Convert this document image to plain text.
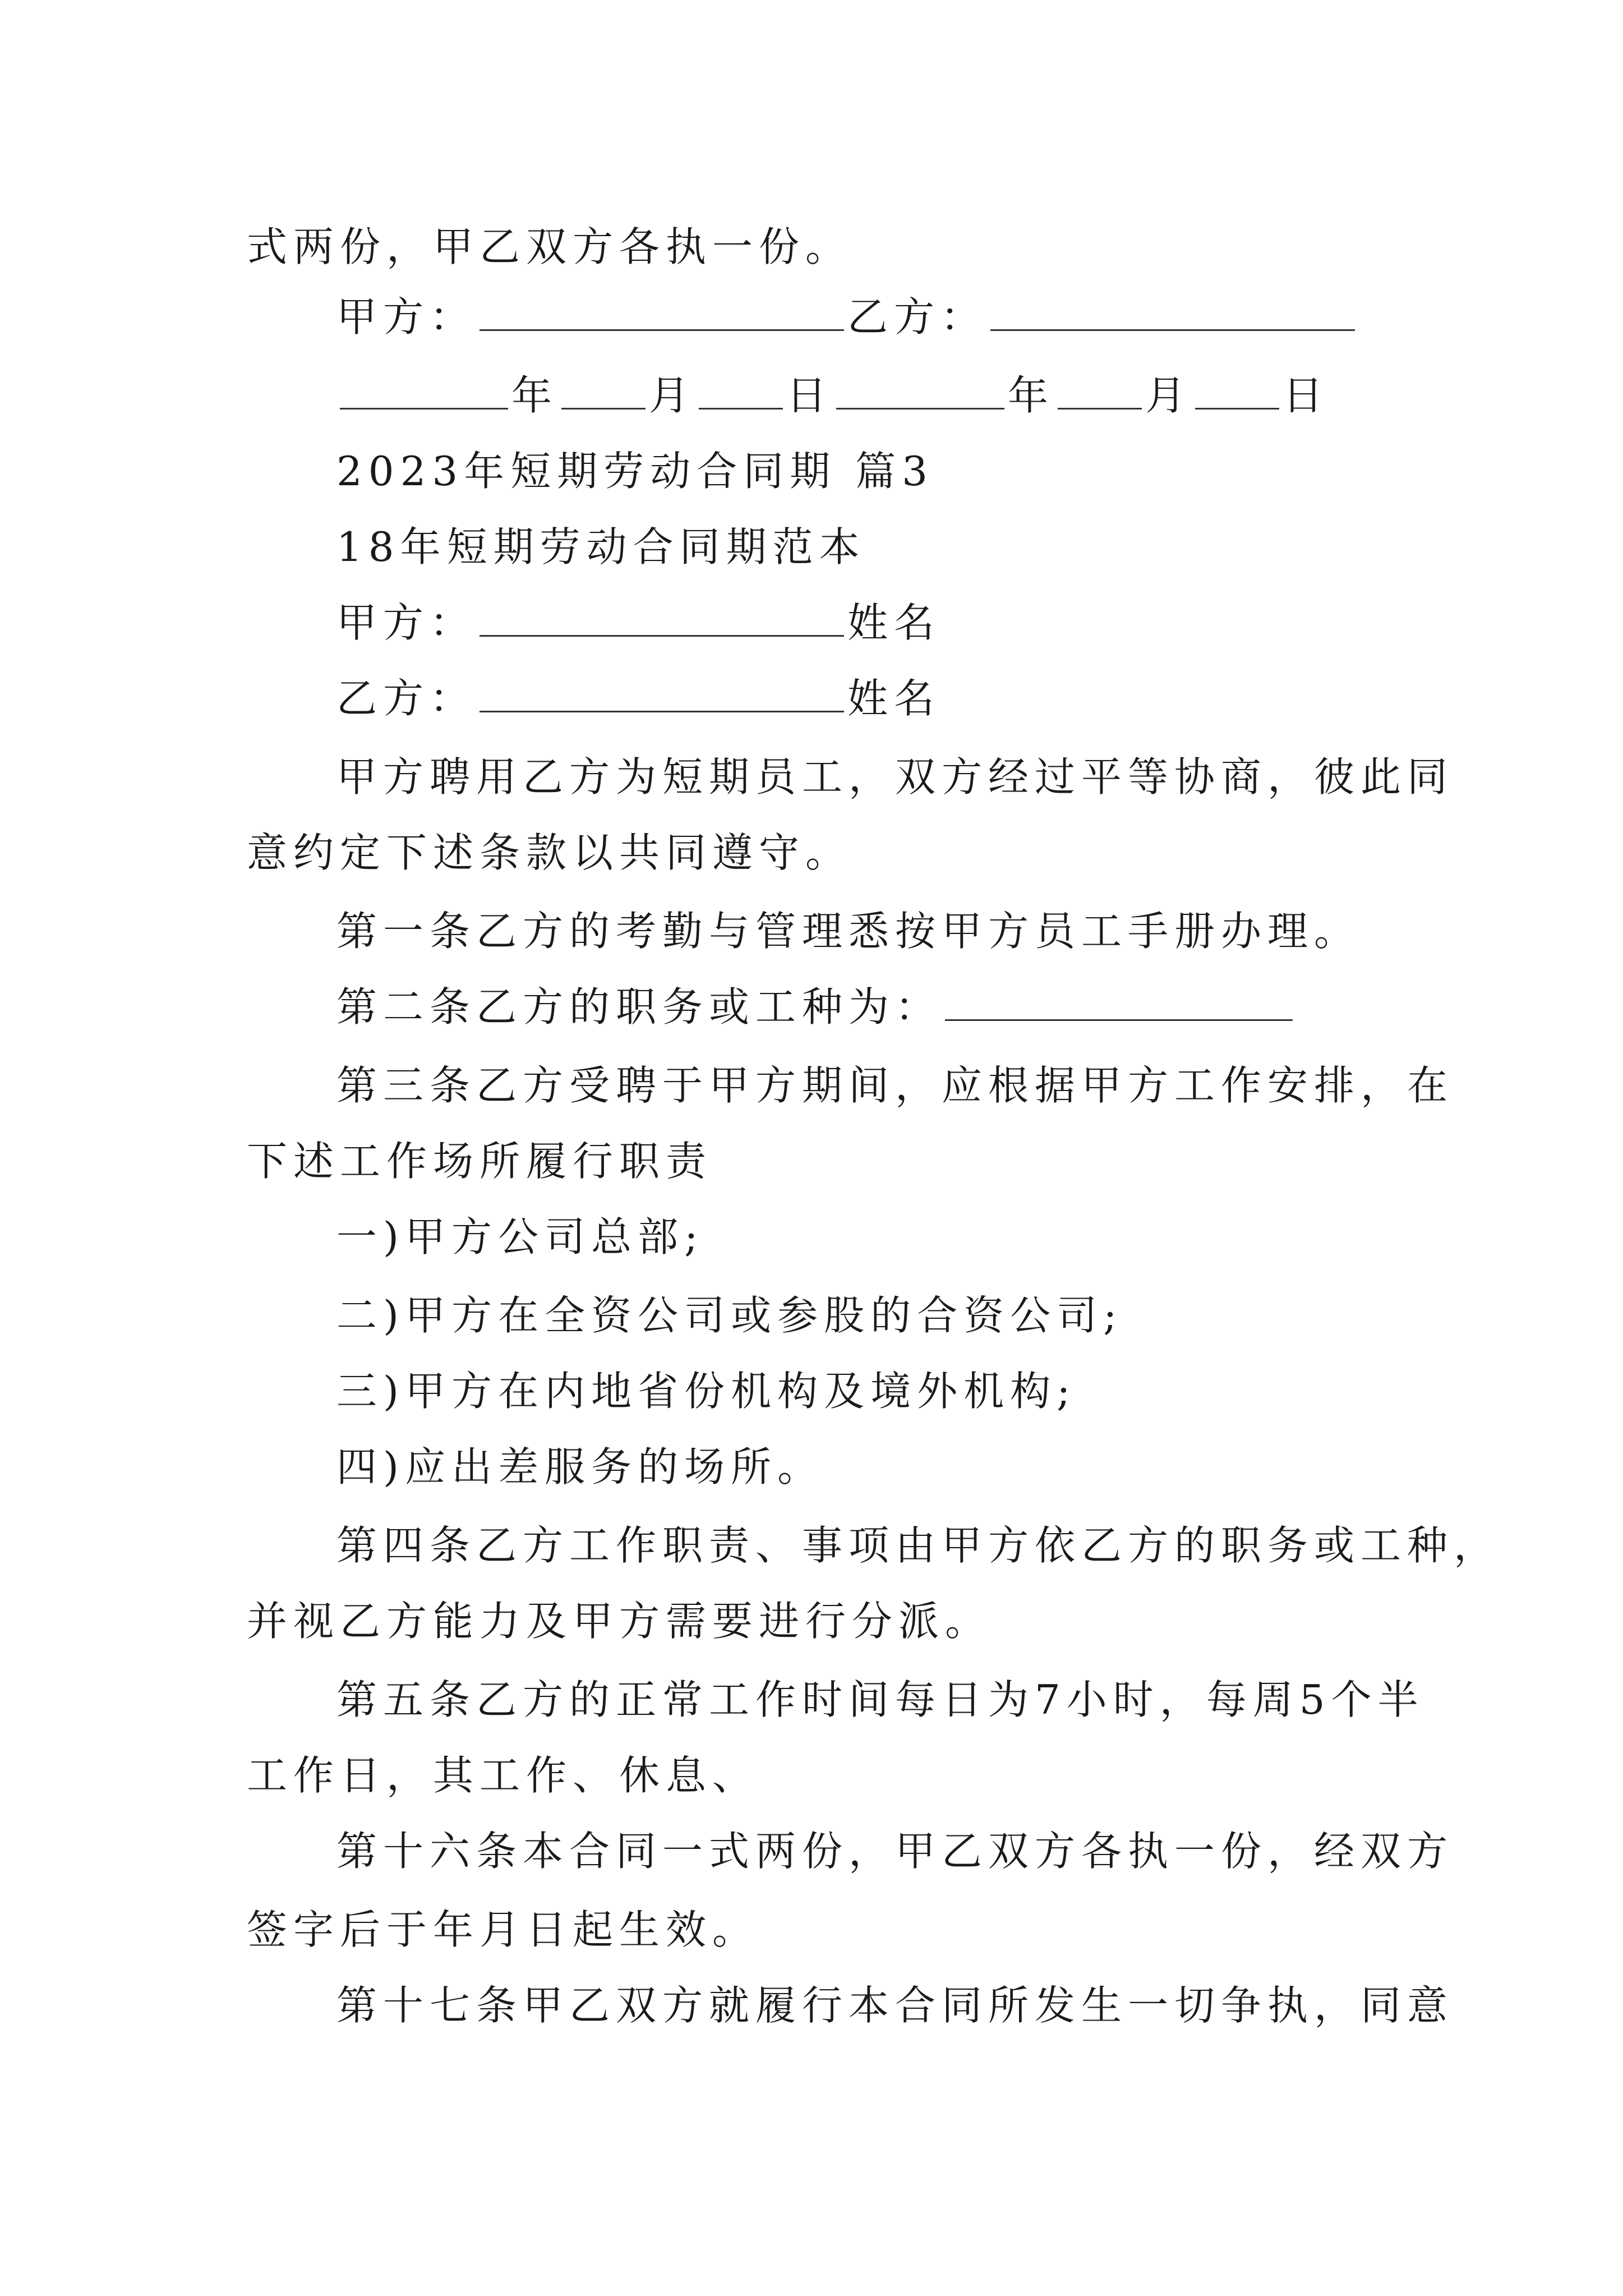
式两份，甲乙双方各执一份。
甲方：	乙方：
年 月 日	年 月 日
2023年短期劳动合同期 篇3
18年短期劳动合同期范本
甲方：	姓名
乙方：	姓名
甲方聘用乙方为短期员工，双方经过平等协商，彼此同
意约定下述条款以共同遵守。
第一条乙方的考勤与管理悉按甲方员工手册办理。
第二条乙方的职务或工种为：
第三条乙方受聘于甲方期间，应根据甲方工作安排，在
下述工作场所履行职责
一)甲方公司总部;
二)甲方在全资公司或参股的合资公司;
三)甲方在内地省份机构及境外机构;
四)应出差服务的场所。
第四条乙方工作职责、事项由甲方依乙方的职务或工种，
并视乙方能力及甲方需要进行分派。
第五条乙方的正常工作时间每日为7小时，每周5个半
工作日，其工作、休息、
第十六条本合同一式两份，甲乙双方各执一份，经双方
签字后于年月日起生效。
第十七条甲乙双方就履行本合同所发生一切争执，同意
